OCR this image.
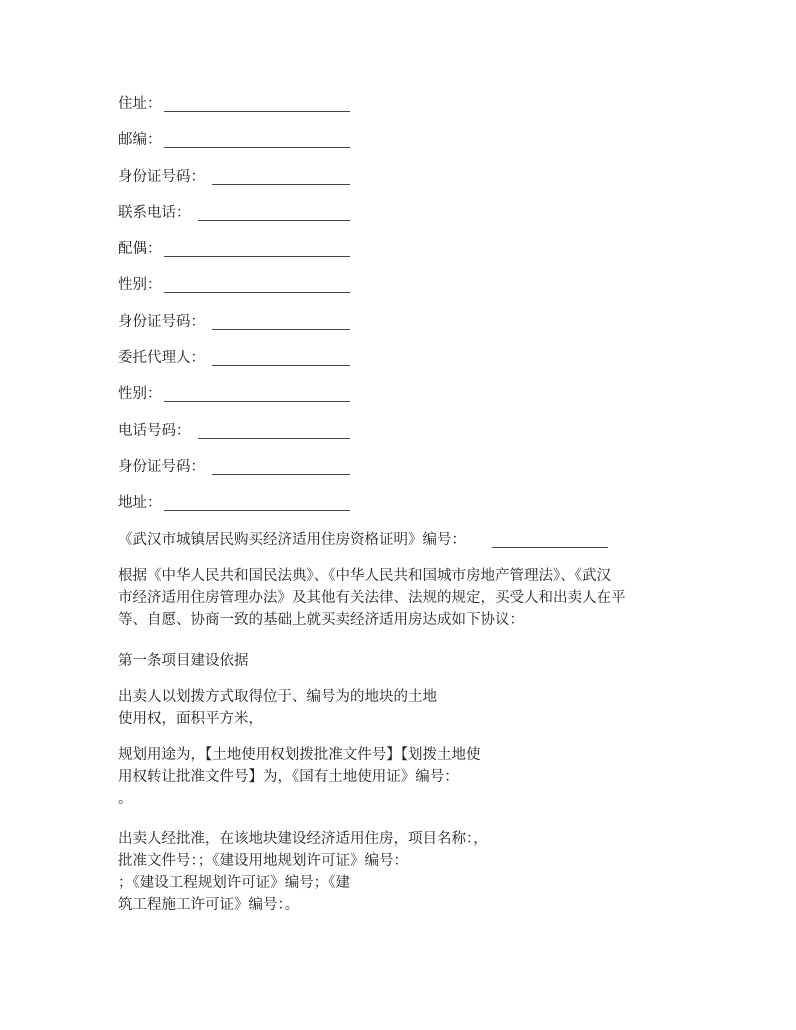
住址：
邮编：
身份证号码：
联系电话：
配偶：
性别：
身份证号码：
委托代理人：
性别：
电话号码：
身份证号码：
地址：
《武汉市城镇居民购买经济适用住房资格证明》编号：
根据《中华人民共和国民法典》、《中华人民共和国城市房地产管理法》、《武汉
市经济适用住房管理办法》及其他有关法律、法规的规定，买受人和出卖人在平
等、自愿、协商一致的基础上就买卖经济适用房达成如下协议：
第一条项目建设依据
出卖人以划拨方式取得位于、编号为的地块的土地
使用权，面积平方米，
规划用途为，【土地使用权划拨批准文件号】【划拨土地使
用权转让批准文件号】为，《国有土地使用证》编号：
。
出卖人经批准，在该地块建设经济适用住房，项目名称：，
批准文件号：；《建设用地规划许可证》编号：
；《建设工程规划许可证》编号；《建
筑工程施工许可证》编号：。
